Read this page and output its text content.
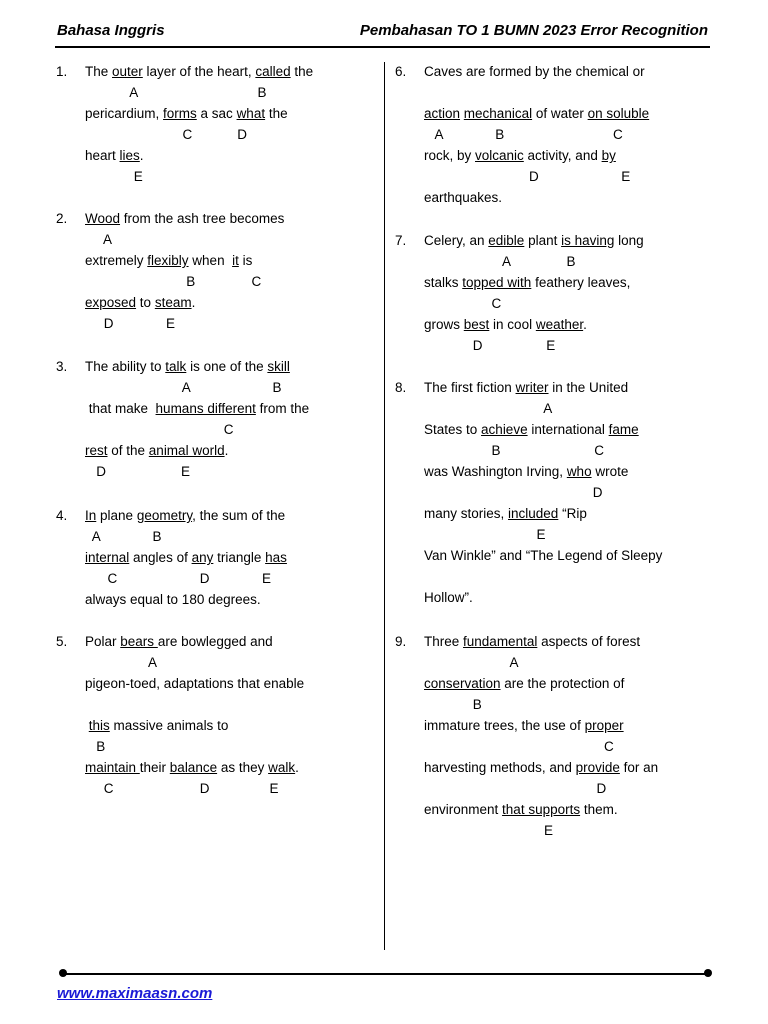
Bahasa Inggris	Pembahasan TO 1 BUMN 2023 Error Recognition
1. The outer layer of the heart, called the
A                                B
pericardium, forms a sac what the
C            D
heart lies.
E
2. Wood from the ash tree becomes
A
extremely flexibly when  it is
B               C
exposed to steam.
D              E
3. The ability to talk is one of the skill
A                      B
that make  humans different from the
C
rest of the animal world.
D                    E
4. In plane geometry, the sum of the
A              B
internal angles of any triangle has
C                      D              E
always equal to 180 degrees.
5. Polar bears are bowlegged and
A
pigeon-toed, adaptations that enable
this massive animals to
B
maintain their balance as they walk.
C                       D                E
6. Caves are formed by the chemical or
action mechanical of water on soluble
A              B                             C
rock, by volcanic activity, and by
D                      E
earthquakes.
7. Celery, an edible plant is having long
A               B
stalks topped with feathery leaves,
C
grows best in cool weather.
D                 E
8. The first fiction writer in the United
A
States to achieve international fame
B                         C
was Washington Irving, who wrote
D
many stories, included “Rip
E
Van Winkle” and “The Legend of Sleepy
Hollow”.
9. Three fundamental aspects of forest
A
conservation are the protection of
B
immature trees, the use of proper
C
harvesting methods, and provide for an
D
environment that supports them.
E
www.maximaasn.com
